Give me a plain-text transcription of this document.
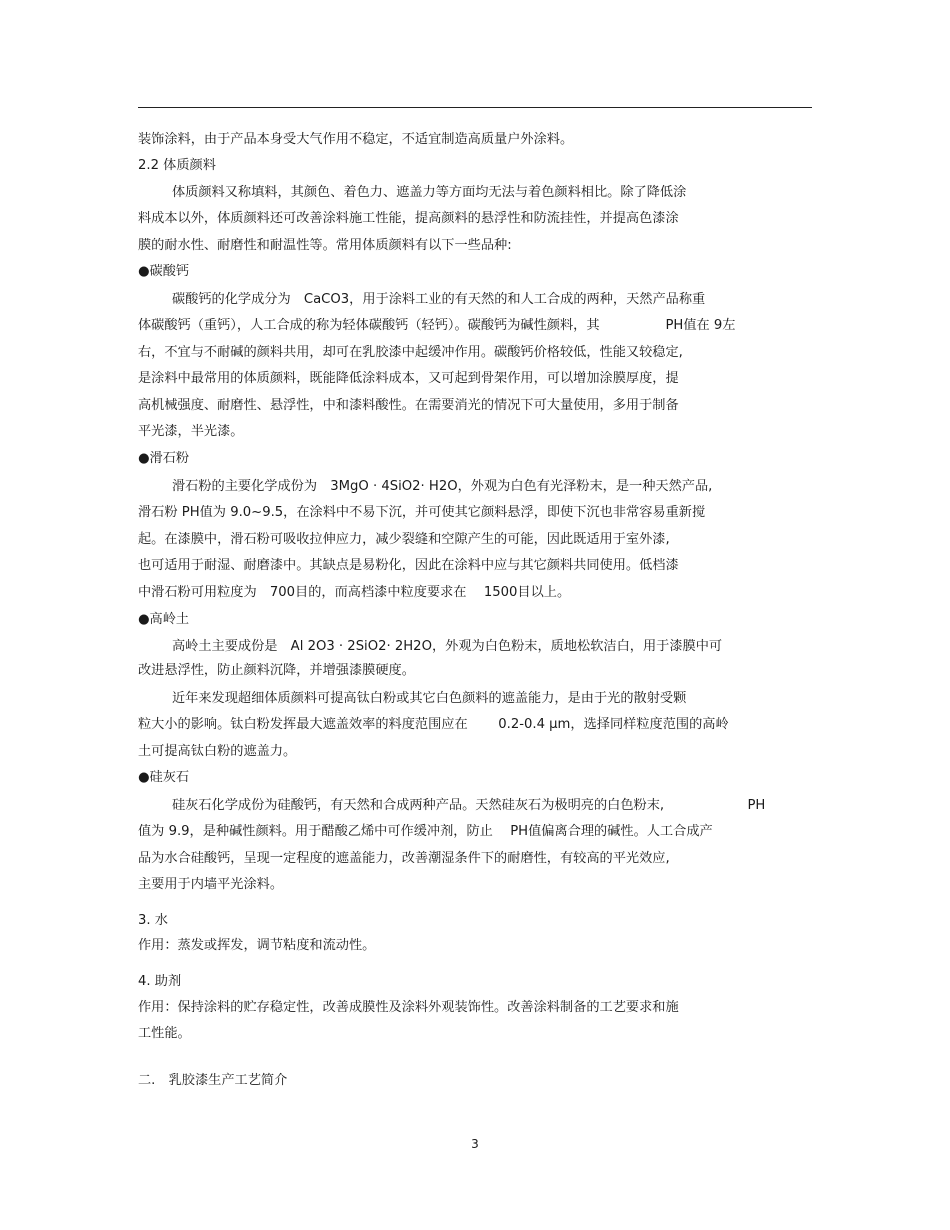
装饰涂料，由于产品本身受大气作用不稳定，不适宜制造高质量户外涂料。
2.2 体质颜料
体质颜料又称填料，其颜色、着色力、遮盖力等方面均无法与着色颜料相比。除了降低涂
料成本以外，体质颜料还可改善涂料施工性能，提高颜料的悬浮性和防流挂性，并提高色漆涂
膜的耐水性、耐磨性和耐温性等。常用体质颜料有以下一些品种:
●碳酸钙
碳酸钙的化学成分为　CaCO3，用于涂料工业的有天然的和人工合成的两种，天然产品称重
体碳酸钙（重钙），人工合成的称为轻体碳酸钙（轻钙）。碳酸钙为碱性颜料，其　　　　　PH值在 9左
右，不宜与不耐碱的颜料共用，却可在乳胶漆中起缓冲作用。碳酸钙价格较低，性能又较稳定,
是涂料中最常用的体质颜料，既能降低涂料成本，又可起到骨架作用，可以增加涂膜厚度，提
高机械强度、耐磨性、悬浮性，中和漆料酸性。在需要消光的情况下可大量使用，多用于制备
平光漆，半光漆。
●滑石粉
滑石粉的主要化学成份为　3MgO · 4SiO2· H2O，外观为白色有光泽粉末，是一种天然产品,
滑石粉 PH值为 9.0~9.5，在涂料中不易下沉，并可使其它颜料悬浮，即使下沉也非常容易重新搅
起。在漆膜中，滑石粉可吸收拉伸应力，减少裂缝和空隙产生的可能，因此既适用于室外漆,
也可适用于耐湿、耐磨漆中。其缺点是易粉化，因此在涂料中应与其它颜料共同使用。低档漆
中滑石粉可用粒度为　700目的，而高档漆中粒度要求在　 1500目以上。
●高岭土
高岭土主要成份是　Al 2O3 · 2SiO2· 2H2O，外观为白色粉末，质地松软洁白，用于漆膜中可
改进悬浮性，防止颜料沉降，并增强漆膜硬度。
近年来发现超细体质颜料可提高钛白粉或其它白色颜料的遮盖能力，是由于光的散射受颗
粒大小的影响。钛白粉发挥最大遮盖效率的料度范围应在　　 0.2-0.4 μm，选择同样粒度范围的高岭
土可提高钛白粉的遮盖力。
●硅灰石
硅灰石化学成份为硅酸钙，有天然和合成两种产品。天然硅灰石为极明亮的白色粉末,　　　　　　 PH
值为 9.9，是种碱性颜料。用于醋酸乙烯中可作缓冲剂，防止　 PH值偏离合理的碱性。人工合成产
品为水合硅酸钙，呈现一定程度的遮盖能力，改善潮湿条件下的耐磨性，有较高的平光效应,
主要用于内墙平光涂料。
3. 水
作用：蒸发或挥发，调节粘度和流动性。
4. 助剂
作用：保持涂料的贮存稳定性，改善成膜性及涂料外观装饰性。改善涂料制备的工艺要求和施
工性能。
二.　乳胶漆生产工艺简介
3
